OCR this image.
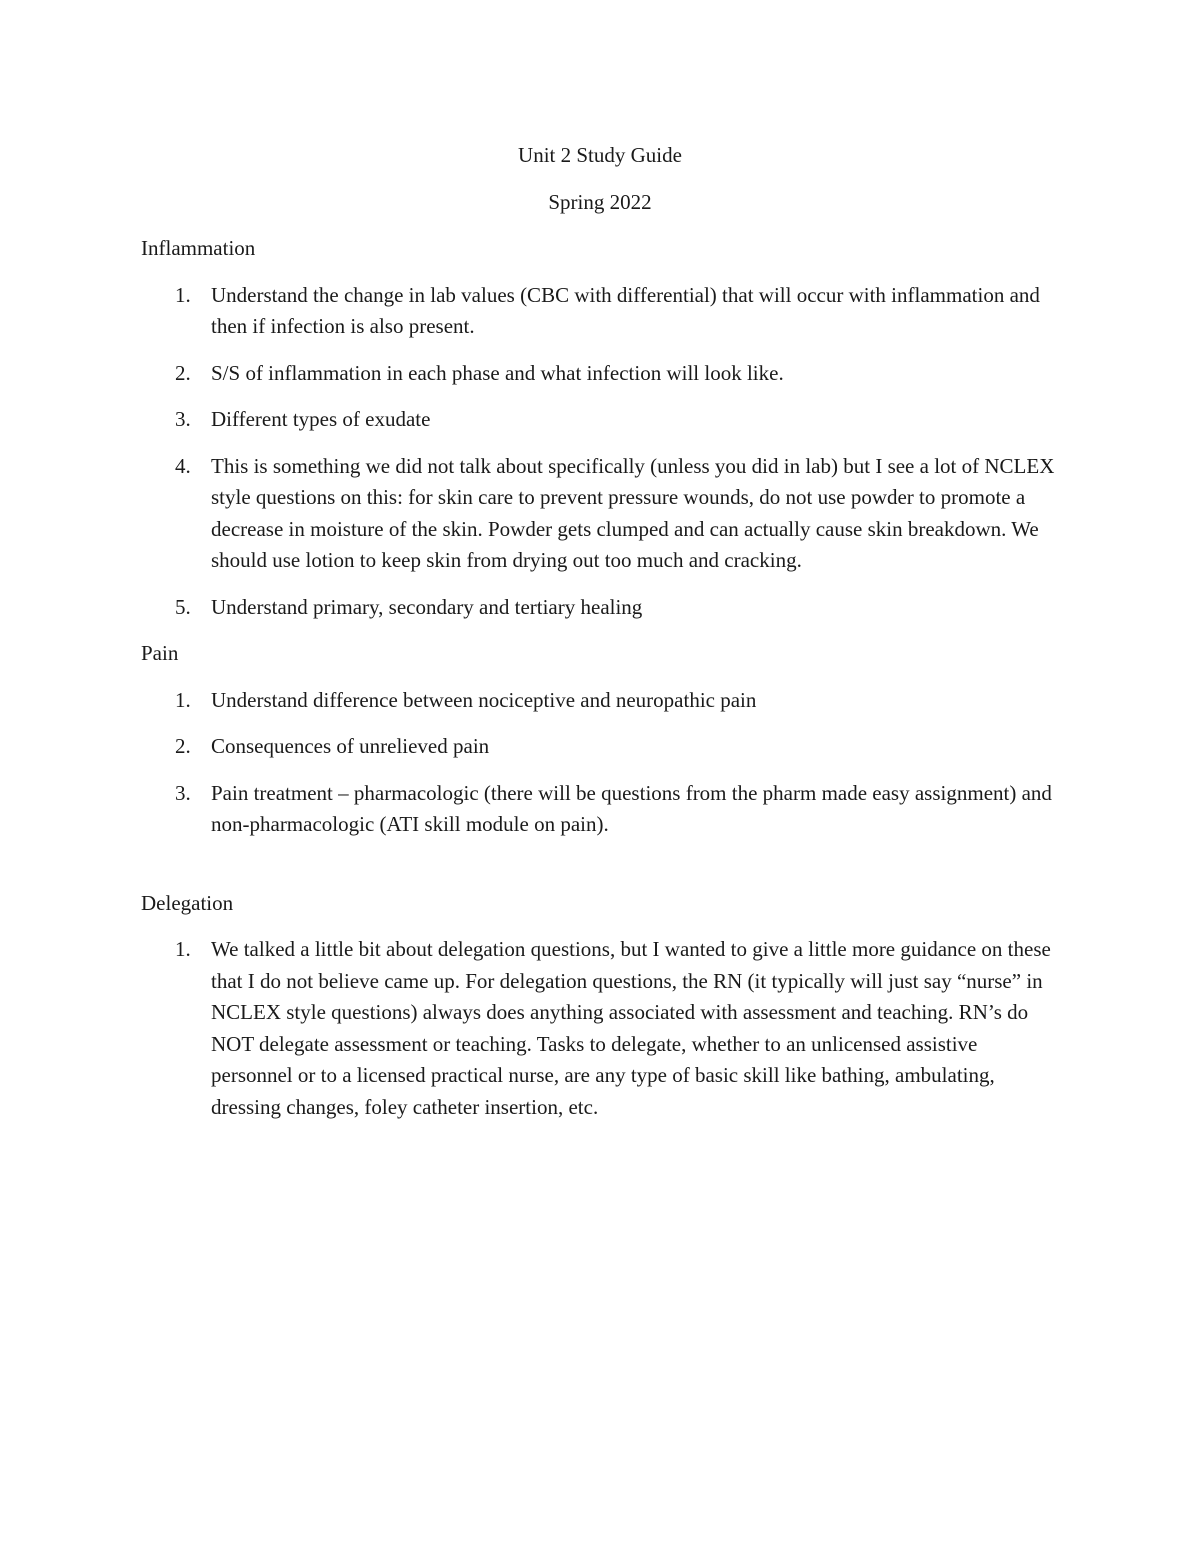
Unit 2 Study Guide

Spring 2022

Inflammation

1. Understand the change in lab values (CBC with differential) that will occur with inflammation and then if infection is also present.
2. S/S of inflammation in each phase and what infection will look like.
3. Different types of exudate
4. This is something we did not talk about specifically (unless you did in lab) but I see a lot of NCLEX style questions on this: for skin care to prevent pressure wounds, do not use powder to promote a decrease in moisture of the skin. Powder gets clumped and can actually cause skin breakdown. We should use lotion to keep skin from drying out too much and cracking.
5. Understand primary, secondary and tertiary healing

Pain

1. Understand difference between nociceptive and neuropathic pain
2. Consequences of unrelieved pain
3. Pain treatment – pharmacologic (there will be questions from the pharm made easy assignment) and non-pharmacologic (ATI skill module on pain).

Delegation

1. We talked a little bit about delegation questions, but I wanted to give a little more guidance on these that I do not believe came up. For delegation questions, the RN (it typically will just say “nurse” in NCLEX style questions) always does anything associated with assessment and teaching. RN’s do NOT delegate assessment or teaching. Tasks to delegate, whether to an unlicensed assistive personnel or to a licensed practical nurse, are any type of basic skill like bathing, ambulating, dressing changes, foley catheter insertion, etc.
